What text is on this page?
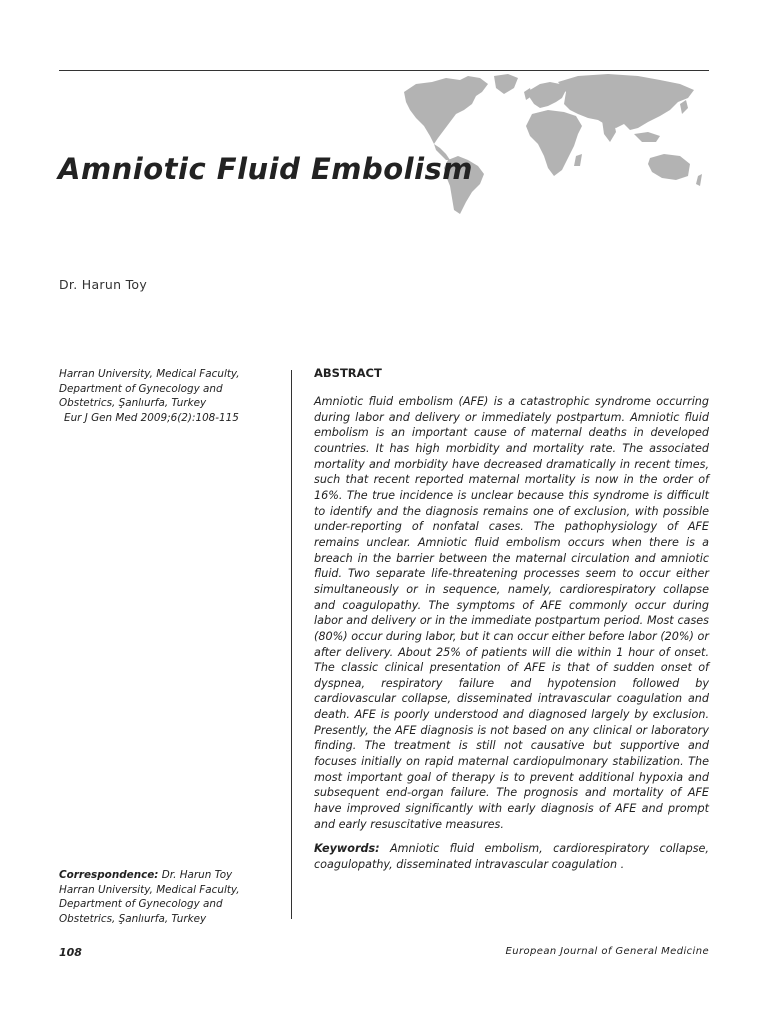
Amniotic Fluid Embolism
Dr. Harun Toy
Harran University, Medical Faculty,
Department of Gynecology and
Obstetrics, Şanlıurfa, Turkey
Eur J Gen Med 2009;6(2):108-115
ABSTRACT

Amniotic fluid embolism (AFE) is a catastrophic syndrome occurring during labor and delivery or immediately postpartum. Amniotic fluid embolism is an important cause of maternal deaths in developed countries. It has high morbidity and mortality rate. The associated mortality and morbidity have decreased dramatically in recent times, such that recent reported maternal mortality is now in the order of 16%. The true incidence is unclear because this syndrome is difficult to identify and the diagnosis remains one of exclusion, with possible under-reporting of nonfatal cases. The pathophysiology of AFE remains unclear. Amniotic fluid embolism occurs when there is a breach in the barrier between the maternal circulation and amniotic fluid. Two separate life-threatening processes seem to occur either simultaneously or in sequence, namely, cardiorespiratory collapse and coagulopathy. The symptoms of AFE commonly occur during labor and delivery or in the immediate postpartum period. Most cases (80%) occur during labor, but it can occur either before labor (20%) or after delivery. About 25% of patients will die within 1 hour of onset. The classic clinical presentation of AFE is that of sudden onset of dyspnea, respiratory failure and hypotension followed by cardiovascular collapse, disseminated intravascular coagulation and death. AFE is poorly understood and diagnosed largely by exclusion. Presently, the AFE diagnosis is not based on any clinical or laboratory finding. The treatment is still not causative but supportive and focuses initially on rapid maternal cardiopulmonary stabilization. The most important goal of therapy is to prevent additional hypoxia and subsequent end-organ failure. The prognosis and mortality of AFE have improved significantly with early diagnosis of AFE and prompt and early resuscitative measures.

Keywords: Amniotic fluid embolism, cardiorespiratory collapse, coagulopathy, disseminated intravascular coagulation .

Correspondence: Dr. Harun Toy
Harran University, Medical Faculty,
Department of Gynecology and
Obstetrics, Şanlıurfa, Turkey
108	European Journal of General Medicine
